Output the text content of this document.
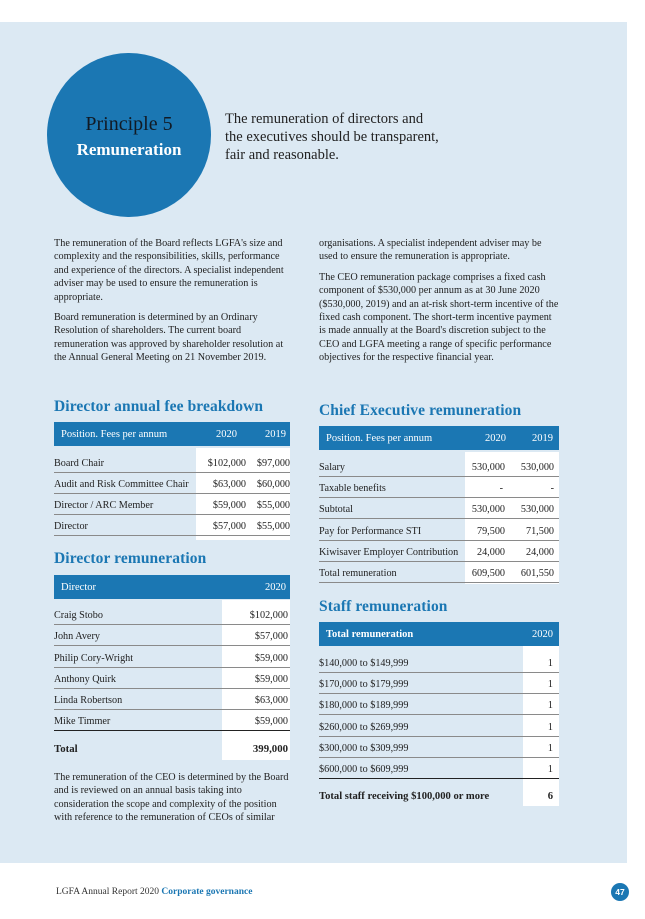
Principle 5
Remuneration
The remuneration of directors and the executives should be transparent, fair and reasonable.

The remuneration of the Board reflects LGFA's size and complexity and the responsibilities, skills, performance and experience of the directors. A specialist independent adviser may be used to ensure the remuneration is appropriate.

Board remuneration is determined by an Ordinary Resolution of shareholders. The current board remuneration was approved by shareholder resolution at the Annual General Meeting on 21 November 2019.

organisations. A specialist independent adviser may be used to ensure the remuneration is appropriate.

The CEO remuneration package comprises a fixed cash component of $530,000 per annum as at 30 June 2020 ($530,000, 2019) and an at-risk short-term incentive of the fixed cash component. The short-term incentive payment is made annually at the Board's discretion subject to the CEO and LGFA meeting a range of specific performance objectives for the respective financial year.

Director annual fee breakdown
Position. Fees per annum	2020	2019
Board Chair	$102,000 $97,000
Audit and Risk Committee Chair $63,000 $60,000
Director / ARC Member	$59,000 $55,000
Director	$57,000 $55,000
Director remuneration
Director	2020
Craig Stobo	$102,000
John Avery	$57,000
Philip Cory-Wright	$59,000
Anthony Quirk	$59,000
Linda Robertson	$63,000
Mike Timmer	$59,000
Total	399,000

The remuneration of the CEO is determined by the Board and is reviewed on an annual basis taking into consideration the scope and complexity of the position with reference to the remuneration of CEOs of similar

Chief Executive remuneration
Position. Fees per annum	2020 2019
Salary	530,000 530,000
Taxable benefits	-	-
Subtotal	530,000 530,000
Pay for Performance STI	79,500 71,500
Kiwisaver Employer Contribution 24,000 24,000
Total remuneration	609,500 601,550
Staff remuneration
Total remuneration	2020
$140,000 to $149,999	1
$170,000 to $179,999	1
$180,000 to $189,999	1
$260,000 to $269,999	1
$300,000 to $309,999	1
$600,000 to $609,999	1
Total staff receiving $100,000 or more	6
LGFA Annual Report 2020 Corporate governance	47
